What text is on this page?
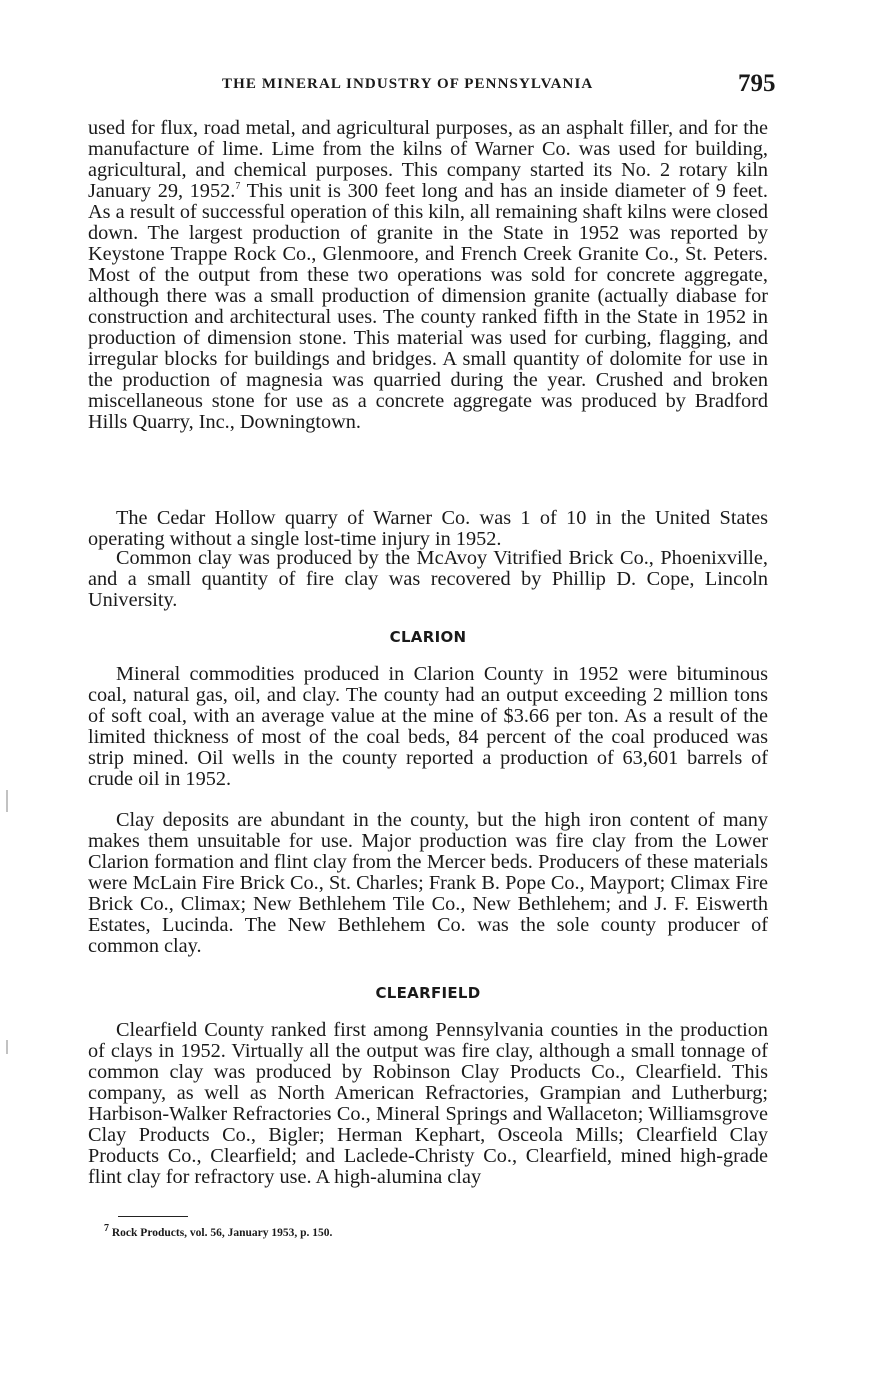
THE MINERAL INDUSTRY OF PENNSYLVANIA	795

used for flux, road metal, and agricultural purposes, as an asphalt filler, and for the manufacture of lime. Lime from the kilns of Warner Co. was used for building, agricultural, and chemical purposes. This company started its No. 2 rotary kiln January 29, 1952.$^7$ This unit is 300 feet long and has an inside diameter of 9 feet. As a result of successful operation of this kiln, all remaining shaft kilns were closed down. The largest production of granite in the State in 1952 was reported by Keystone Trappe Rock Co., Glenmoore, and French Creek Granite Co., St. Peters. Most of the output from these two operations was sold for concrete aggregate, although there was a small production of dimension granite (actually diabase for construction and architectural uses. The county ranked fifth in the State in 1952 in production of dimension stone. This material was used for curbing, flagging, and irregular blocks for buildings and bridges. A small quantity of dolomite for use in the production of magnesia was quarried during the year. Crushed and broken miscellaneous stone for use as a concrete aggregate was produced by Bradford Hills Quarry, Inc., Downingtown.

The Cedar Hollow quarry of Warner Co. was 1 of 10 in the United States operating without a single lost-time injury in 1952.

Common clay was produced by the McAvoy Vitrified Brick Co., Phoenixville, and a small quantity of fire clay was recovered by Phillip D. Cope, Lincoln University.

CLARION

Mineral commodities produced in Clarion County in 1952 were bituminous coal, natural gas, oil, and clay. The county had an output exceeding 2 million tons of soft coal, with an average value at the mine of $3.66 per ton. As a result of the limited thickness of most of the coal beds, 84 percent of the coal produced was strip mined. Oil wells in the county reported a production of 63,601 barrels of crude oil in 1952.

Clay deposits are abundant in the county, but the high iron content of many makes them unsuitable for use. Major production was fire clay from the Lower Clarion formation and flint clay from the Mercer beds. Producers of these materials were McLain Fire Brick Co., St. Charles; Frank B. Pope Co., Mayport; Climax Fire Brick Co., Climax; New Bethlehem Tile Co., New Bethlehem; and J. F. Eiswerth Estates, Lucinda. The New Bethlehem Co. was the sole county producer of common clay.

CLEARFIELD

Clearfield County ranked first among Pennsylvania counties in the production of clays in 1952. Virtually all the output was fire clay, although a small tonnage of common clay was produced by Robinson Clay Products Co., Clearfield. This company, as well as North American Refractories, Grampian and Lutherburg; Harbison-Walker Refractories Co., Mineral Springs and Wallaceton; Williamsgrove Clay Products Co., Bigler; Herman Kephart, Osceola Mills; Clearfield Clay Products Co., Clearfield; and Laclede-Christy Co., Clearfield, mined high-grade flint clay for refractory use. A high-alumina clay

$^7$ Rock Products, vol. 56, January 1953, p. 150.
